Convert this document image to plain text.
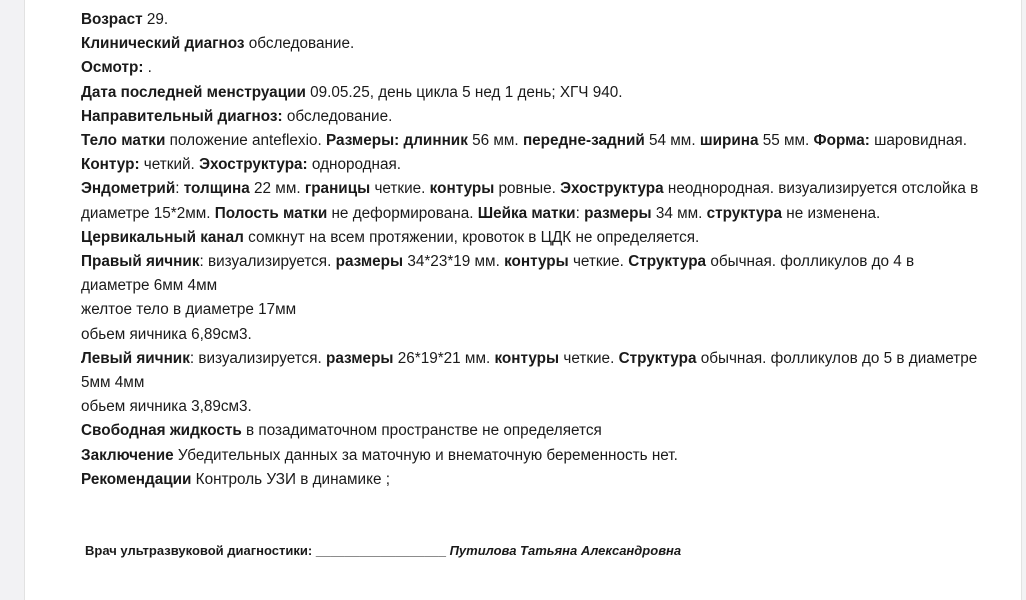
Возраст 29.

Клинический диагноз обследование.

Осмотр: .

Дата последней менструации 09.05.25, день цикла 5 нед 1 день; ХГЧ 940.

Направительный диагноз: обследование.

Тело матки положение anteflexio. Размеры: длинник 56 мм. передне-задний 54 мм. ширина 55 мм. Форма: шаровидная. Контур: четкий. Эхоструктура: однородная.

Эндометрий: толщина 22 мм. границы четкие. контуры ровные. Эхоструктура неоднородная. визуализируется отслойка в диаметре 15*2мм. Полость матки не деформирована. Шейка матки: размеры 34 мм. структура не изменена. Цервикальный канал сомкнут на всем протяжении, кровоток в ЦДК не определяется.

Правый яичник: визуализируется. размеры 34*23*19 мм. контуры четкие. Структура обычная. фолликулов до 4 в диаметре 6мм 4мм

желтое тело в диаметре 17мм

обьем яичника 6,89см3.

Левый яичник: визуализируется. размеры 26*19*21 мм. контуры четкие. Структура обычная. фолликулов до 5 в диаметре 5мм 4мм

обьем яичника 3,89см3.

Свободная жидкость в позадиматочном пространстве не определяется

Заключение Убедительных данных за маточную и внематочную беременность нет.

Рекомендации Контроль УЗИ в динамике ;

Врач ультразвуковой диагностики: __________________ Путилова Татьяна Александровна
